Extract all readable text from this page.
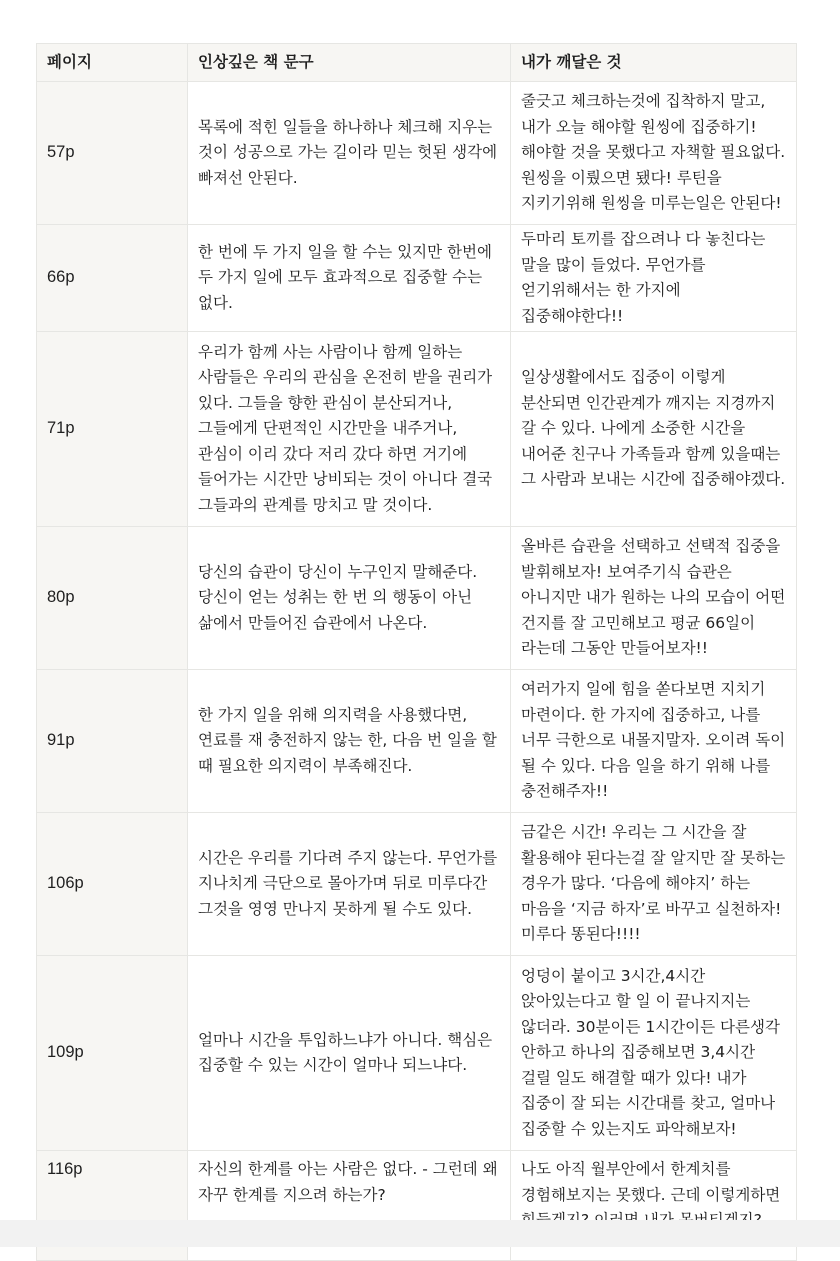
페이지	인상깊은 책 문구	내가 깨달은 것
57p	목록에 적힌 일들을 하나하나 체크해 지우는 것이 성공으로 가는 길이라 믿는 헛된 생각에 빠져선 안된다.	줄긋고 체크하는것에 집착하지 말고, 내가 오늘 해야할 원씽에 집중하기! 해야할 것을 못했다고 자책할 필요없다. 원씽을 이뤘으면 됐다! 루틴을 지키기위해 원씽을 미루는일은 안된다!
66p	한 번에 두 가지 일을 할 수는 있지만 한번에 두 가지 일에 모두 효과적으로 집중할 수는 없다.	두마리 토끼를 잡으려나 다 놓친다는 말을 많이 들었다. 무언가를 얻기위해서는 한 가지에 집중해야한다!!
71p	우리가 함께 사는 사람이나 함께 일하는 사람들은 우리의 관심을 온전히 받을 권리가 있다. 그들을 향한 관심이 분산되거나, 그들에게 단편적인 시간만을 내주거나, 관심이 이리 갔다 저리 갔다 하면 거기에 들어가는 시간만 낭비되는 것이 아니다 결국 그들과의 관계를 망치고 말 것이다.	일상생활에서도 집중이 이렇게 분산되면 인간관계가 깨지는 지경까지 갈 수 있다. 나에게 소중한 시간을 내어준 친구나 가족들과 함께 있을때는 그 사람과 보내는 시간에 집중해야겠다.
80p	당신의 습관이 당신이 누구인지 말해준다. 당신이 얻는 성취는 한 번 의 행동이 아닌 삶에서 만들어진 습관에서 나온다.	올바른 습관을 선택하고 선택적 집중을 발휘해보자! 보여주기식 습관은 아니지만 내가 원하는 나의 모습이 어떤 건지를 잘 고민해보고 평균 66일이 라는데 그동안 만들어보자!!
91p	한 가지 일을 위해 의지력을 사용했다면, 연료를 재 충전하지 않는 한, 다음 번 일을 할 때 필요한 의지력이 부족해진다.	여러가지 일에 힘을 쏟다보면 지치기 마련이다. 한 가지에 집중하고, 나를 너무 극한으로 내몰지말자. 오이려 독이 될 수 있다. 다음 일을 하기 위해 나를 충전해주자!!
106p	시간은 우리를 기다려 주지 않는다. 무언가를 지나치게 극단으로 몰아가며 뒤로 미루다간 그것을 영영 만나지 못하게 될 수도 있다.	금같은 시간! 우리는 그 시간을 잘 활용해야 된다는걸 잘 알지만 잘 못하는 경우가 많다. ‘다음에 해야지’ 하는 마음을 ‘지금 하자’로 바꾸고 실천하자! 미루다 똥된다!!!!
109p	얼마나 시간을 투입하느냐가 아니다. 핵심은 집중할 수 있는 시간이 얼마나 되느냐다.	엉덩이 붙이고 3시간,4시간 앉아있는다고 할 일 이 끝나지지는 않더라. 30분이든 1시간이든 다른생각 안하고 하나의 집중해보면 3,4시간 걸릴 일도 해결할 때가 있다! 내가 집중이 잘 되는 시간대를 찾고, 얼마나 집중할 수 있는지도 파악해보자!
116p	자신의 한계를 아는 사람은 없다. - 그런데 왜 자꾸 한계를 지으려 하는가?	나도 아직 월부안에서 한계치를 경험해보지는 못했다. 근데 이렇게하면
